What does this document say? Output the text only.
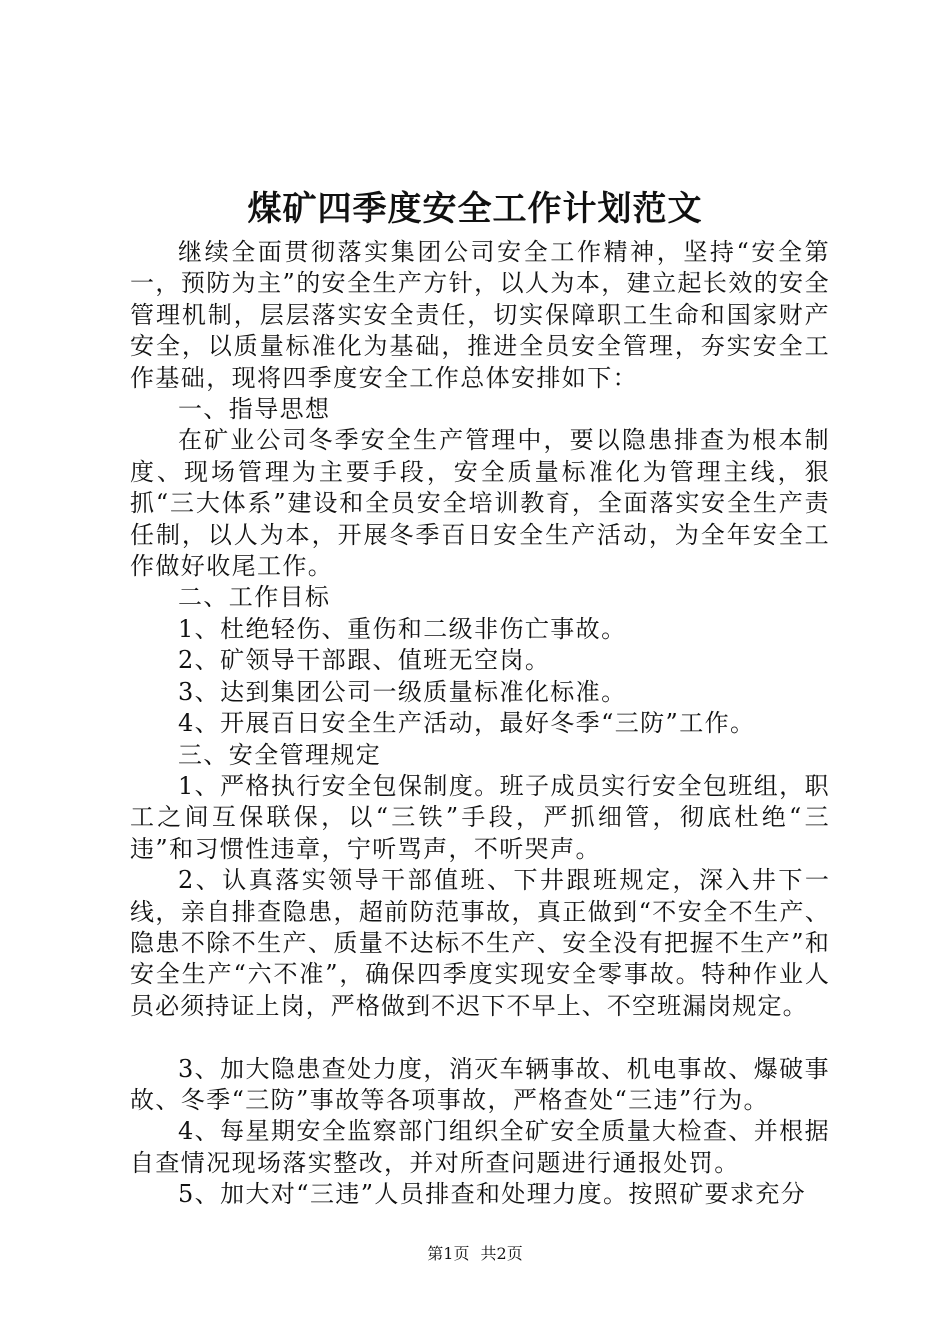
煤矿四季度安全工作计划范文

继续全面贯彻落实集团公司安全工作精神，坚持“安全第一，预防为主”的安全生产方针，以人为本，建立起长效的安全管理机制，层层落实安全责任，切实保障职工生命和国家财产安全，以质量标准化为基础，推进全员安全管理，夯实安全工作基础，现将四季度安全工作总体安排如下：

一、指导思想

在矿业公司冬季安全生产管理中，要以隐患排查为根本制度、现场管理为主要手段，安全质量标准化为管理主线，狠抓“三大体系”建设和全员安全培训教育，全面落实安全生产责任制，以人为本，开展冬季百日安全生产活动，为全年安全工作做好收尾工作。

二、工作目标

1、杜绝轻伤、重伤和二级非伤亡事故。

2、矿领导干部跟、值班无空岗。

3、达到集团公司一级质量标准化标准。

4、开展百日安全生产活动，最好冬季“三防”工作。

三、安全管理规定

1、严格执行安全包保制度。班子成员实行安全包班组，职工之间互保联保，以“三铁”手段，严抓细管，彻底杜绝“三违”和习惯性违章，宁听骂声，不听哭声。

2、认真落实领导干部值班、下井跟班规定，深入井下一线，亲自排查隐患，超前防范事故，真正做到“不安全不生产、隐患不除不生产、质量不达标不生产、安全没有把握不生产”和安全生产“六不准”，确保四季度实现安全零事故。特种作业人员必须持证上岗，严格做到不迟下不早上、不空班漏岗规定。

3、加大隐患查处力度，消灭车辆事故、机电事故、爆破事故、冬季“三防”事故等各项事故，严格查处“三违”行为。

4、每星期安全监察部门组织全矿安全质量大检查、并根据自查情况现场落实整改，并对所查问题进行通报处罚。

5、加大对“三违”人员排查和处理力度。按照矿要求充分

第1页 共2页
